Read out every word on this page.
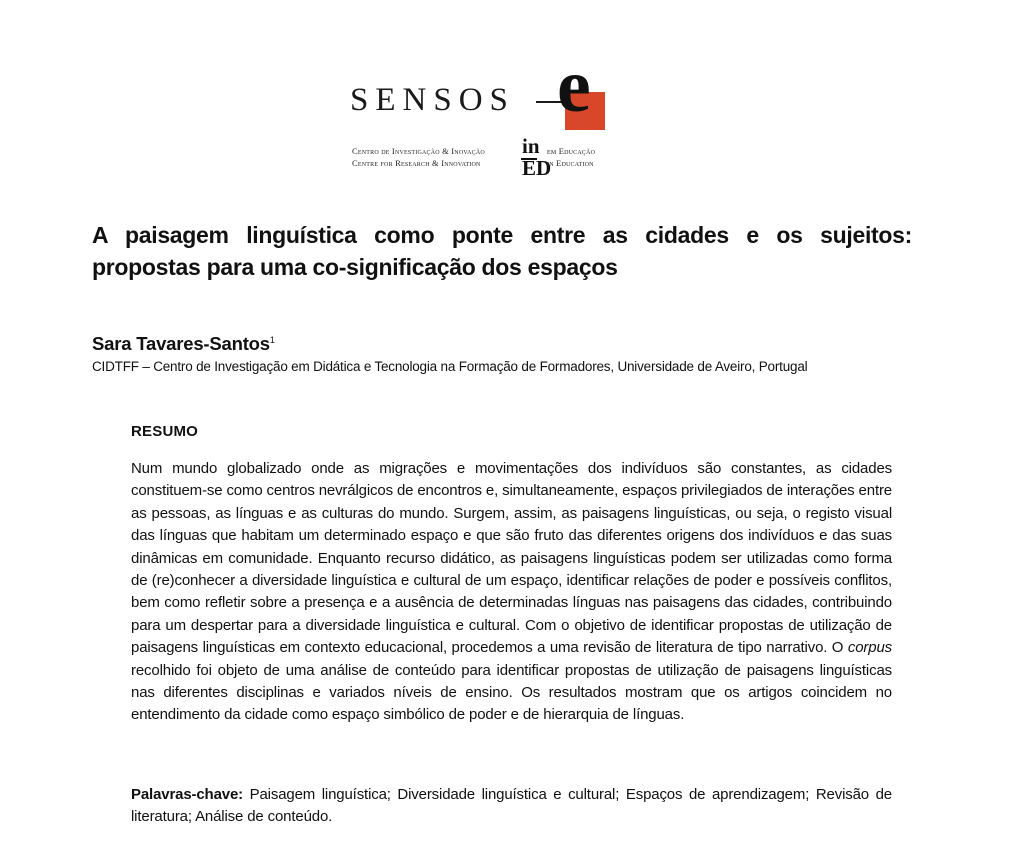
SENSOS e
Centro de Investigação & Inovação
Centre for Research & Innovation
in
ED
em Educação
in Education
A paisagem linguística como ponte entre as cidades e os sujeitos: propostas para uma co-significação dos espaços
Sara Tavares-Santos$^1$
CIDTFF – Centro de Investigação em Didática e Tecnologia na Formação de Formadores, Universidade de Aveiro, Portugal
RESUMO
Num mundo globalizado onde as migrações e movimentações dos indivíduos são constantes, as cidades constituem-se como centros nevrálgicos de encontros e, simultaneamente, espaços privilegiados de interações entre as pessoas, as línguas e as culturas do mundo. Surgem, assim, as paisagens linguísticas, ou seja, o registo visual das línguas que habitam um determinado espaço e que são fruto das diferentes origens dos indivíduos e das suas dinâmicas em comunidade. Enquanto recurso didático, as paisagens linguísticas podem ser utilizadas como forma de (re)conhecer a diversidade linguística e cultural de um espaço, identificar relações de poder e possíveis conflitos, bem como refletir sobre a presença e a ausência de determinadas línguas nas paisagens das cidades, contribuindo para um despertar para a diversidade linguística e cultural. Com o objetivo de identificar propostas de utilização de paisagens linguísticas em contexto educacional, procedemos a uma revisão de literatura de tipo narrativo. O corpus recolhido foi objeto de uma análise de conteúdo para identificar propostas de utilização de paisagens linguísticas nas diferentes disciplinas e variados níveis de ensino. Os resultados mostram que os artigos coincidem no entendimento da cidade como espaço simbólico de poder e de hierarquia de línguas.
Palavras-chave: Paisagem linguística; Diversidade linguística e cultural; Espaços de aprendizagem; Revisão de literatura; Análise de conteúdo.
